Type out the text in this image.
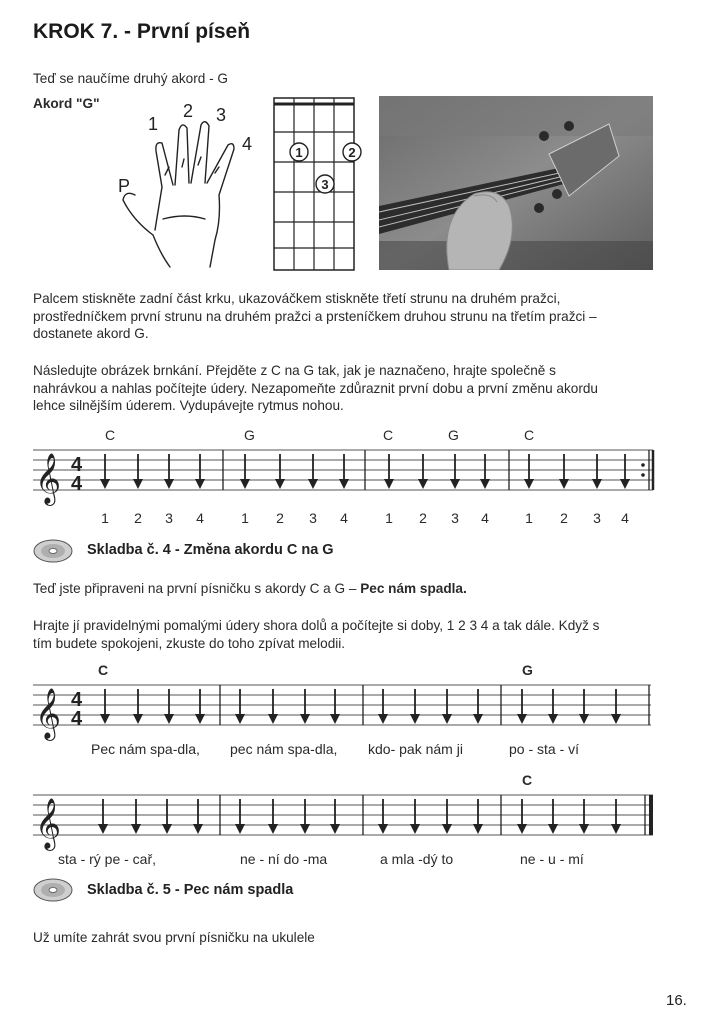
KROK 7. - První píseň
Teď se naučíme druhý akord - G
Akord "G"
1
2 3
4
P
1	2
3
Palcem stiskněte zadní část krku, ukazováčkem stiskněte třetí strunu na druhém pražci,
prostředníčkem první strunu na druhém pražci a prsteníčkem druhou strunu na třetím pražci –
dostanete akord G.
Následujte obrázek brnkání. Přejděte z C na G tak, jak je naznačeno, hrajte společně s
nahrávkou a nahlas počítejte údery. Nezapomeňte zdůraznit první dobu a první změnu akordu
lehce silnějším úderem. Vydupávejte rytmus nohou.
𝄞 4
4
C	G	C	G	C
1 2 3 4	1 2 3 4	1 2 3 4	1 2 3 4
Skladba č. 4 - Změna akordu C na G
Teď jste připraveni na první písničku s akordy C a G – Pec nám spadla.
Hrajte jí pravidelnými pomalými údery shora dolů a počítejte si doby, 1 2 3 4 a tak dále. Když s
tím budete spokojeni, zkuste do toho zpívat melodii.
𝄞 4
4
C	G
Pec nám spa-dla, pec nám spa-dla, kdo- pak nám ji	po - sta - ví
𝄞
C
sta - rý pe - cař,	ne - ní do -ma	a mla -dý to	ne - u - mí
Skladba č. 5 - Pec nám spadla
Už umíte zahrát svou první písničku na ukulele
16.
